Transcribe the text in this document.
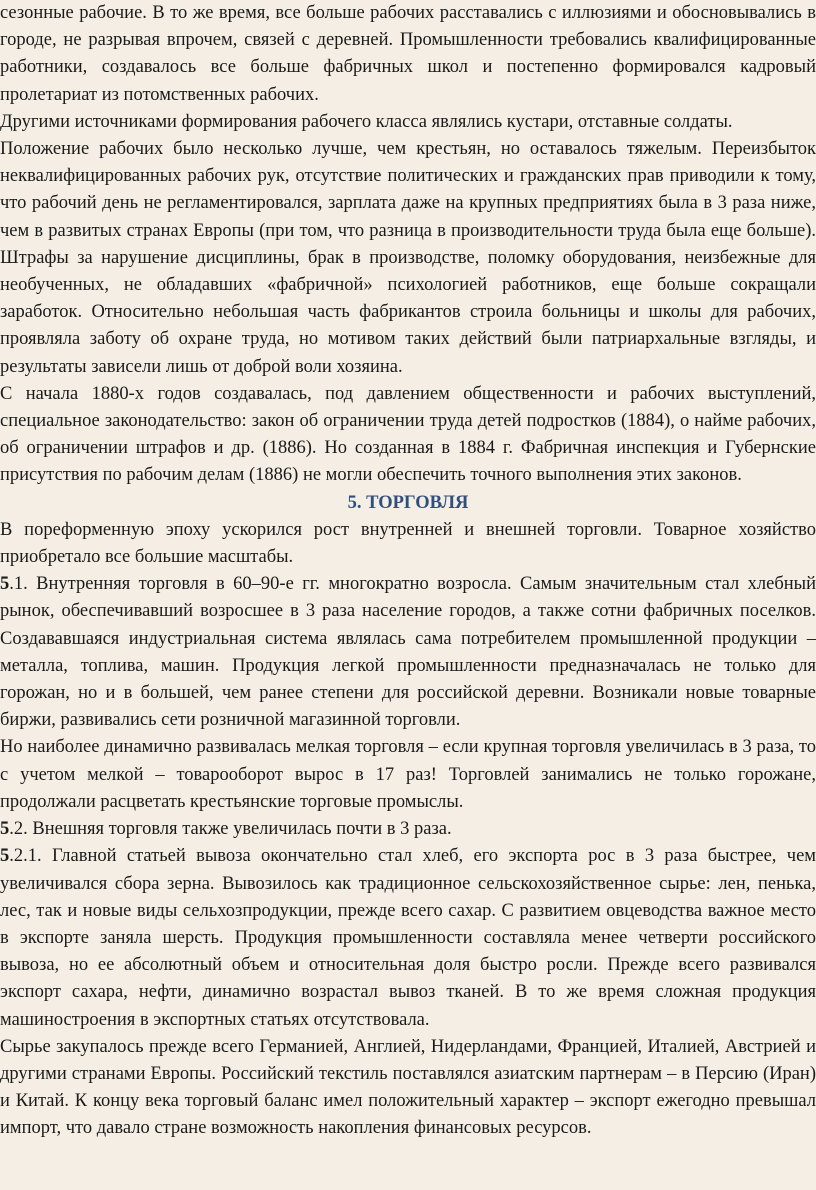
сезонные рабочие. В то же время, все больше рабочих расставались с иллюзиями и обосновывались в городе, не разрывая впрочем, связей с деревней. Промышленности требовались квалифицированные работники, создавалось все больше фабричных школ и постепенно формировался кадровый пролетариат из потомственных рабочих.

Другими источниками формирования рабочего класса являлись кустари, отставные солдаты.

Положение рабочих было несколько лучше, чем крестьян, но оставалось тяжелым. Переизбыток неквалифицированных рабочих рук, отсутствие политических и гражданских прав приводили к тому, что рабочий день не регламентировался, зарплата даже на крупных предприятиях была в 3 раза ниже, чем в развитых странах Европы (при том, что разница в производительности труда была еще больше). Штрафы за нарушение дисциплины, брак в производстве, поломку оборудования, неизбежные для необученных, не обладавших «фабричной» психологией работников, еще больше сокращали заработок. Относительно небольшая часть фабрикантов строила больницы и школы для рабочих, проявляла заботу об охране труда, но мотивом таких действий были патриархальные взгляды, и результаты зависели лишь от доброй воли хозяина.

С начала 1880-х годов создавалась, под давлением общественности и рабочих выступлений, специальное законодательство: закон об ограничении труда детей подростков (1884), о найме рабочих, об ограничении штрафов и др. (1886). Но созданная в 1884 г. Фабричная инспекция и Губернские присутствия по рабочим делам (1886) не могли обеспечить точного выполнения этих законов.

5. ТОРГОВЛЯ

В пореформенную эпоху ускорился рост внутренней и внешней торговли. Товарное хозяйство приобретало все большие масштабы.

5.1. Внутренняя торговля в 60–90-е гг. многократно возросла. Самым значительным стал хлебный рынок, обеспечивавший возросшее в 3 раза население городов, а также сотни фабричных поселков. Создававшаяся индустриальная система являлась сама потребителем промышленной продукции – металла, топлива, машин. Продукция легкой промышленности предназначалась не только для горожан, но и в большей, чем ранее степени для российской деревни. Возникали новые товарные биржи, развивались сети розничной магазинной торговли.

Но наиболее динамично развивалась мелкая торговля – если крупная торговля увеличилась в 3 раза, то с учетом мелкой – товарооборот вырос в 17 раз! Торговлей занимались не только горожане, продолжали расцветать крестьянские торговые промыслы.

5.2. Внешняя торговля также увеличилась почти в 3 раза.

5.2.1. Главной статьей вывоза окончательно стал хлеб, его экспорта рос в 3 раза быстрее, чем увеличивался сбора зерна. Вывозилось как традиционное сельскохозяйственное сырье: лен, пенька, лес, так и новые виды сельхозпродукции, прежде всего сахар. С развитием овцеводства важное место в экспорте заняла шерсть. Продукция промышленности составляла менее четверти российского вывоза, но ее абсолютный объем и относительная доля быстро росли. Прежде всего развивался экспорт сахара, нефти, динамично возрастал вывоз тканей. В то же время сложная продукция машиностроения в экспортных статьях отсутствовала.

Сырье закупалось прежде всего Германией, Англией, Нидерландами, Францией, Италией, Австрией и другими странами Европы. Российский текстиль поставлялся азиатским партнерам – в Персию (Иран) и Китай. К концу века торговый баланс имел положительный характер – экспорт ежегодно превышал импорт, что давало стране возможность накопления финансовых ресурсов.
